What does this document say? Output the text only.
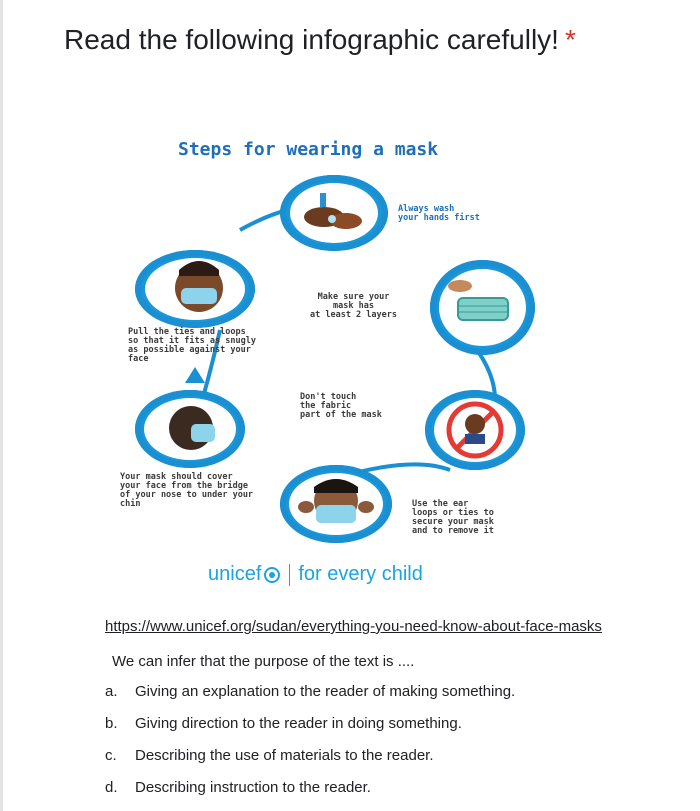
Read the following infographic carefully! *
Steps for wearing a mask
Always wash
your hands first
Make sure your
mask has
at least 2 layers
Pull the ties and loops
so that it fits as snugly
as possible against your
face
Don't touch
the fabric
part of the mask
Your mask should cover
your face from the bridge
of your nose to under your
chin	Use the ear
loops or ties to
secure your mask
and to remove it
unicef for every child
https://www.unicef.org/sudan/everything-you-need-know-about-face-masks
We can infer that the purpose of the text is ....
a.	Giving an explanation to the reader of making something.
b.	Giving direction to the reader in doing something.
c.	Describing the use of materials to the reader.
d.	Describing instruction to the reader.
